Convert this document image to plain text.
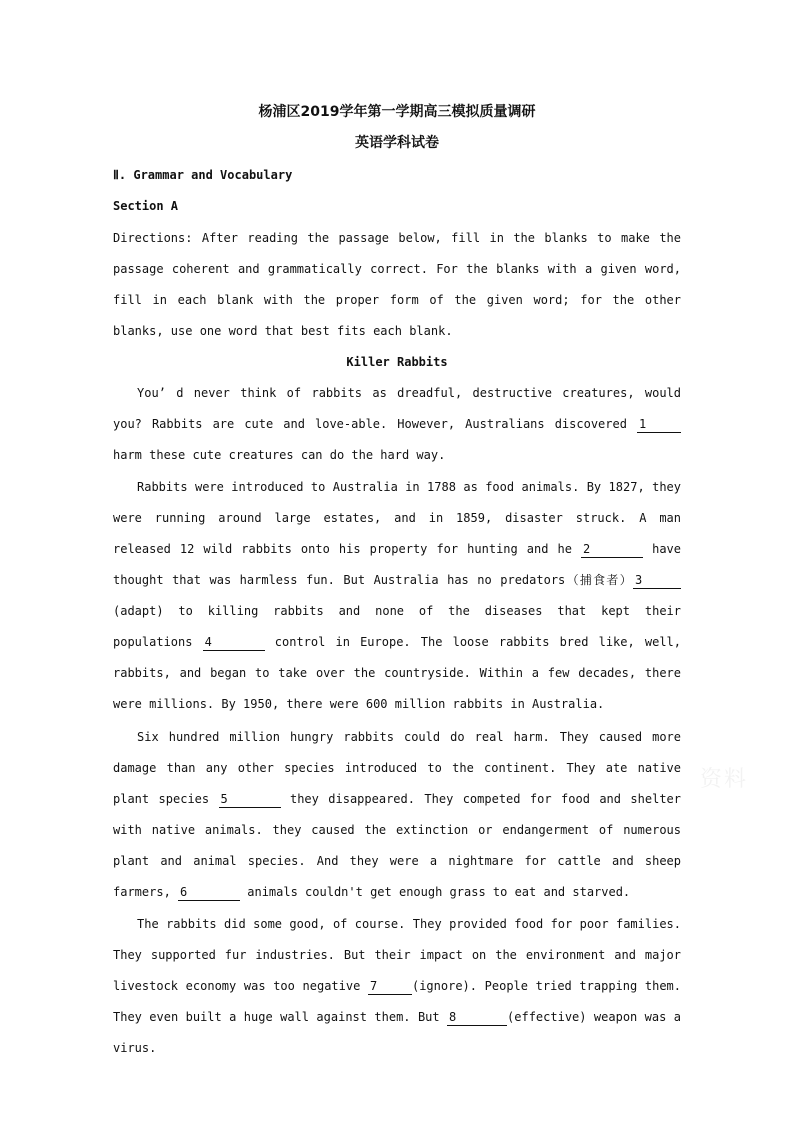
杨浦区2019学年第一学期高三模拟质量调研
英语学科试卷
Ⅱ. Grammar and Vocabulary
Section A
Directions: After reading the passage below, fill in the blanks to make the passage coherent and grammatically correct. For the blanks with a given word, fill in each blank with the proper form of the given word; for the other blanks, use one word that best fits each blank.
Killer Rabbits
You’ d never think of rabbits as dreadful, destructive creatures, would you? Rabbits are cute and love-able. However, Australians discovered 1 harm these cute creatures can do the hard way.
Rabbits were introduced to Australia in 1788 as food animals. By 1827, they were running around large estates, and in 1859, disaster struck. A man released 12 wild rabbits onto his property for hunting and he 2	have thought that was harmless fun. But Australia has no predators（捕食者） 3 (adapt) to killing rabbits and none of the diseases that kept their populations 4	control in Europe. The loose rabbits bred like, well, rabbits, and began to take over the countryside. Within a few decades, there were millions. By 1950, there were 600 million rabbits in Australia.
Six hundred million hungry rabbits could do real harm. They caused more damage than any other species introduced to the continent. They ate native plant species 5	they disappeared. They competed for food and shelter with native animals. they caused the extinction or endangerment of numerous plant and animal species. And they were a nightmare for cattle and sheep farmers, 6	animals couldn't get enough grass to eat and starved.
The rabbits did some good, of course. They provided food for poor families. They supported fur industries. But their impact on the environment and major livestock economy was too negative 7	(ignore). People tried trapping them. They even built a huge wall against them. But 8	(effective) weapon was a virus.
资料
